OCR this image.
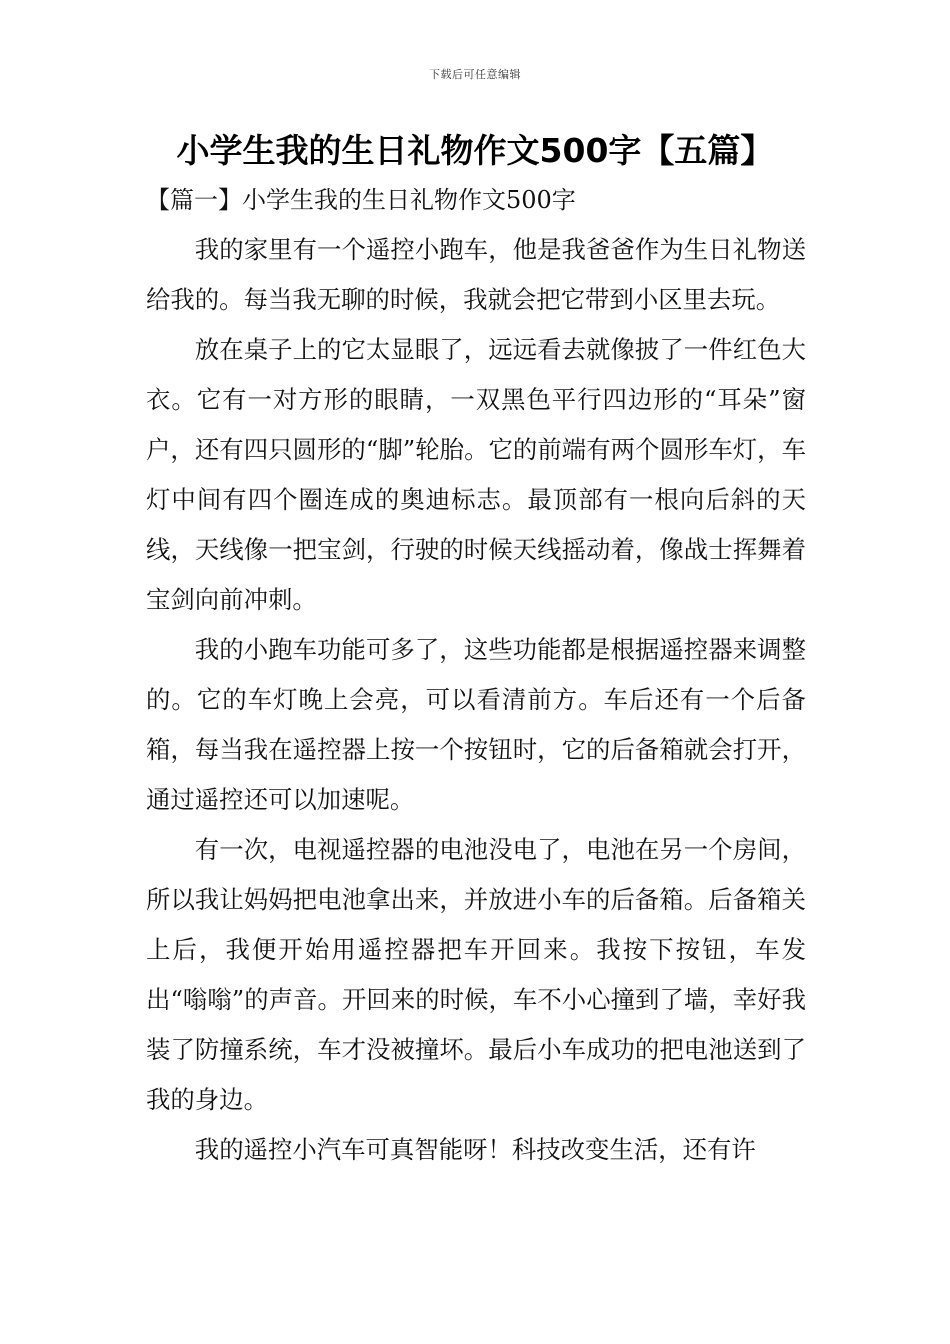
下载后可任意编辑
小学生我的生日礼物作文500字【五篇】
【篇一】小学生我的生日礼物作文500字

我的家里有一个遥控小跑车，他是我爸爸作为生日礼物送给我的。每当我无聊的时候，我就会把它带到小区里去玩。

放在桌子上的它太显眼了，远远看去就像披了一件红色大衣。它有一对方形的眼睛，一双黑色平行四边形的“耳朵”窗户，还有四只圆形的“脚”轮胎。它的前端有两个圆形车灯，车灯中间有四个圈连成的奥迪标志。最顶部有一根向后斜的天线，天线像一把宝剑，行驶的时候天线摇动着，像战士挥舞着宝剑向前冲刺。

我的小跑车功能可多了，这些功能都是根据遥控器来调整的。它的车灯晚上会亮，可以看清前方。车后还有一个后备箱，每当我在遥控器上按一个按钮时，它的后备箱就会打开，通过遥控还可以加速呢。

有一次，电视遥控器的电池没电了，电池在另一个房间，所以我让妈妈把电池拿出来，并放进小车的后备箱。后备箱关上后，我便开始用遥控器把车开回来。我按下按钮，车发出“嗡嗡”的声音。开回来的时候，车不小心撞到了墙，幸好我装了防撞系统，车才没被撞坏。最后小车成功的把电池送到了我的身边。

我的遥控小汽车可真智能呀！科技改变生活，还有许
